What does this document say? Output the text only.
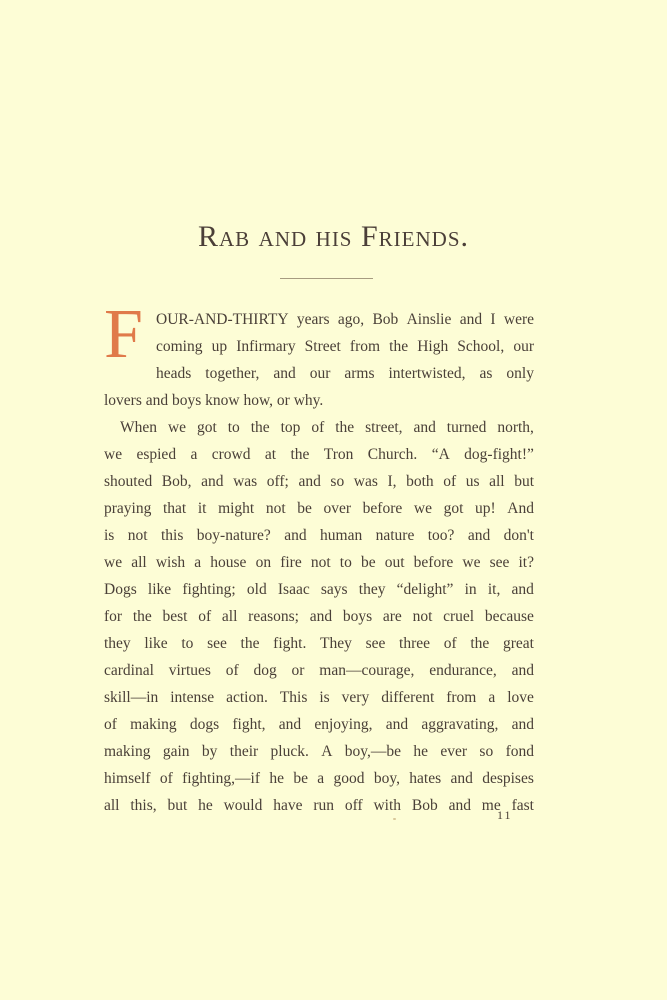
Rab and his Friends.
F OUR-AND-THIRTY years ago, Bob Ainslie and I were
coming up Infirmary Street from the High School, our
heads together, and our arms intertwisted, as only
lovers and boys know how, or why.
When we got to the top of the street, and turned north,
we espied a crowd at the Tron Church. “A dog-fight!”
shouted Bob, and was off; and so was I, both of us all but
praying that it might not be over before we got up! And
is not this boy-nature? and human nature too? and don't
we all wish a house on fire not to be out before we see it?
Dogs like fighting; old Isaac says they “delight” in it, and
for the best of all reasons; and boys are not cruel because
they like to see the fight. They see three of the great
cardinal virtues of dog or man—courage, endurance, and
skill—in intense action. This is very different from a love
of making dogs fight, and enjoying, and aggravating, and
making gain by their pluck. A boy,—be he ever so fond
himself of fighting,—if he be a good boy, hates and despises
all this, but he would have run off with Bob and me fast
11
